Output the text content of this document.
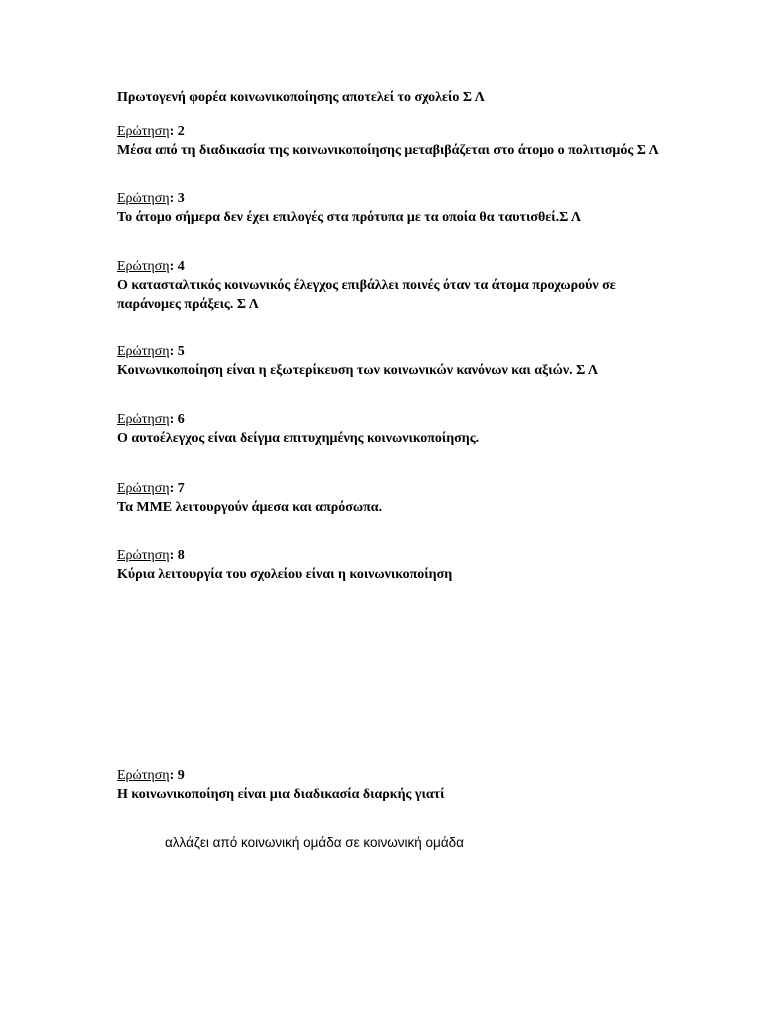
Πρωτογενή φορέα κοινωνικοποίησης αποτελεί το σχολείο Σ Λ
Ερώτηση: 2
Μέσα από τη διαδικασία της κοινωνικοποίησης μεταβιβάζεται στο άτομο ο πολιτισμός Σ Λ
Ερώτηση: 3
Το άτομο σήμερα δεν έχει επιλογές στα πρότυπα με τα οποία θα ταυτισθεί.Σ Λ
Ερώτηση: 4
Ο κατασταλτικός κοινωνικός έλεγχος επιβάλλει ποινές όταν τα άτομα προχωρούν σε παράνομες πράξεις. Σ Λ
Ερώτηση: 5
Κοινωνικοποίηση είναι η εξωτερίκευση των κοινωνικών κανόνων και αξιών. Σ Λ
Ερώτηση: 6
Ο αυτοέλεγχος είναι δείγμα επιτυχημένης κοινωνικοποίησης.
Ερώτηση: 7
Τα ΜΜΕ λειτουργούν άμεσα και απρόσωπα.
Ερώτηση: 8
Κύρια λειτουργία του σχολείου είναι η κοινωνικοποίηση
Ερώτηση: 9
Η κοινωνικοποίηση είναι μια διαδικασία διαρκής γιατί
αλλάζει από κοινωνική ομάδα σε κοινωνική ομάδα
